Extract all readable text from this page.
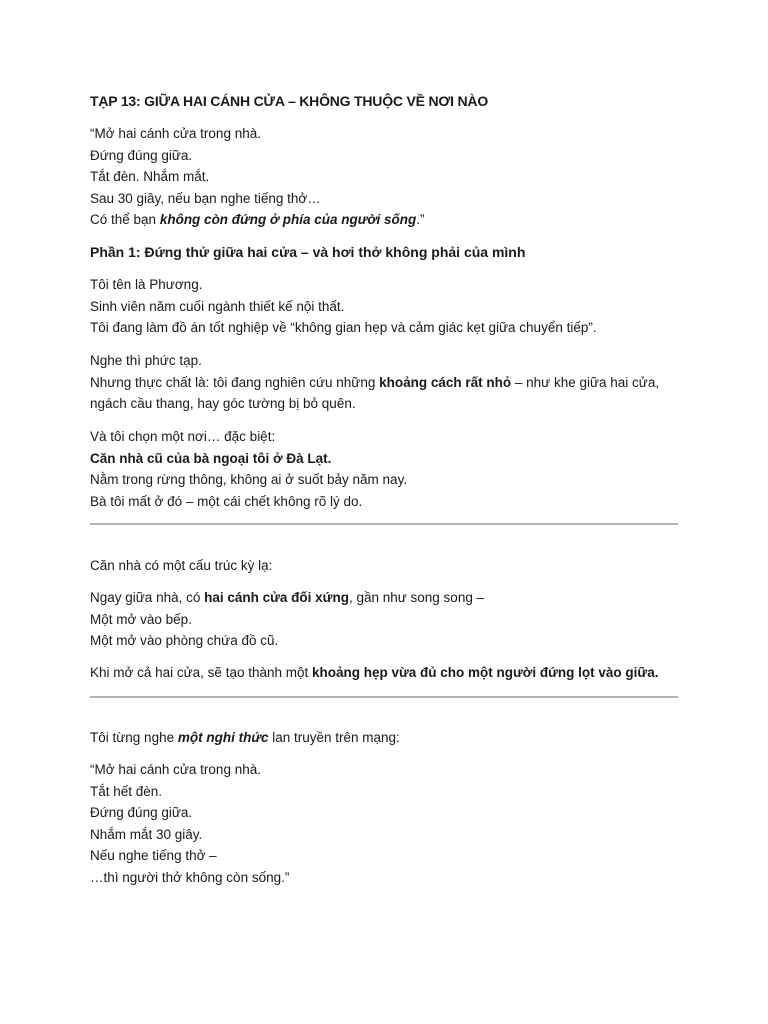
TẠP 13: GIỮA HAI CÁNH CỬA – KHÔNG THUỘC VỀ NƠI NÀO
“Mở hai cánh cửa trong nhà.
Đứng đúng giữa.
Tắt đèn. Nhắm mắt.
Sau 30 giây, nếu bạn nghe tiếng thở…
Có thể bạn không còn đứng ở phía của người sống.”
Phần 1: Đứng thử giữa hai cửa – và hơi thở không phải của mình
Tôi tên là Phương.
Sinh viên năm cuối ngành thiết kế nội thất.
Tôi đang làm đồ án tốt nghiệp về “không gian hẹp và cảm giác kẹt giữa chuyển tiếp”.
Nghe thì phức tạp.
Nhưng thực chất là: tôi đang nghiên cứu những khoảng cách rất nhỏ – như khe giữa hai cửa,
ngách cầu thang, hay góc tường bị bỏ quên.
Và tôi chọn một nơi… đặc biệt:
Căn nhà cũ của bà ngoại tôi ở Đà Lạt.
Nằm trong rừng thông, không ai ở suốt bảy năm nay.
Bà tôi mất ở đó – một cái chết không rõ lý do.
Căn nhà có một cấu trúc kỳ lạ:
Ngay giữa nhà, có hai cánh cửa đối xứng, gần như song song –
Một mở vào bếp.
Một mở vào phòng chứa đồ cũ.
Khi mở cả hai cửa, sẽ tạo thành một khoảng hẹp vừa đủ cho một người đứng lọt vào giữa.
Tôi từng nghe một nghi thức lan truyền trên mạng:
“Mở hai cánh cửa trong nhà.
Tắt hết đèn.
Đứng đúng giữa.
Nhắm mắt 30 giây.
Nếu nghe tiếng thở –
…thì người thở không còn sống.”
